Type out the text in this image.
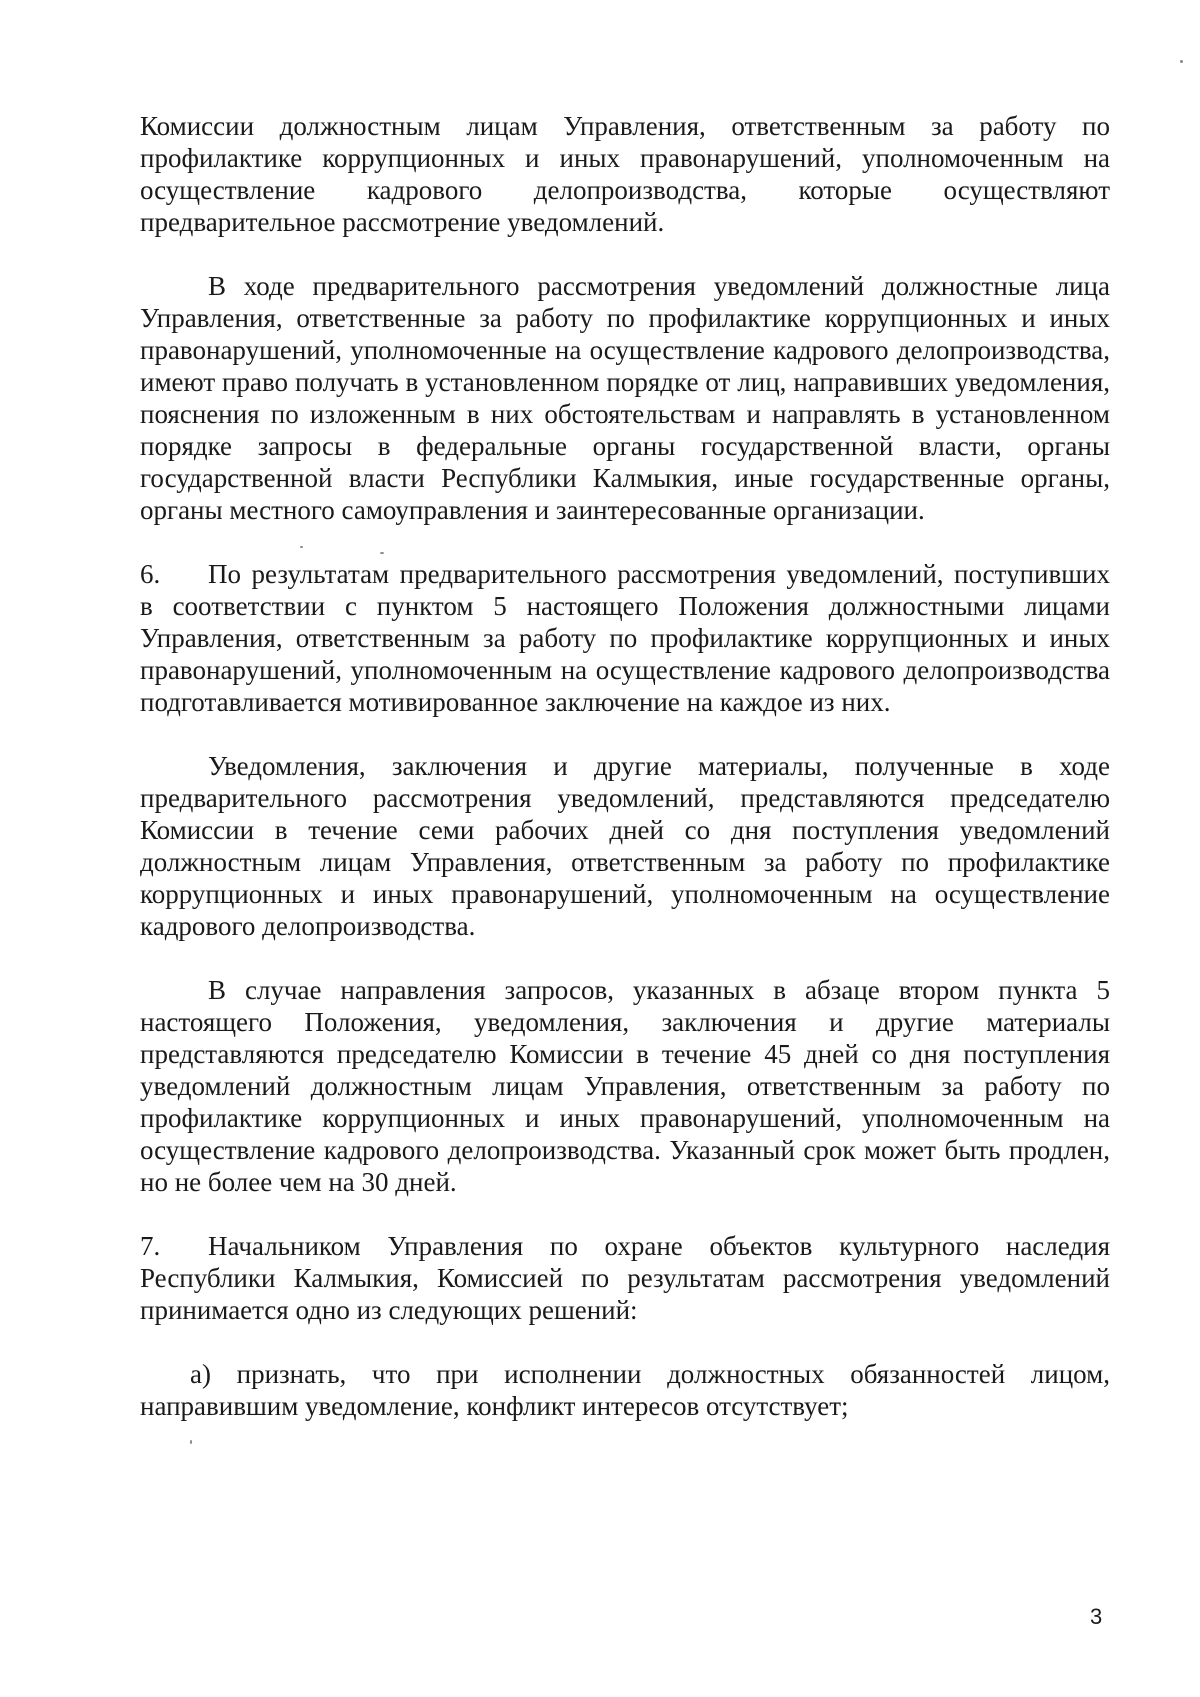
Комиссии должностным лицам Управления, ответственным за работу по профилактике коррупционных и иных правонарушений, уполномоченным на осуществление кадрового делопроизводства, которые осуществляют предварительное рассмотрение уведомлений.

В ходе предварительного рассмотрения уведомлений должностные лица Управления, ответственные за работу по профилактике коррупционных и иных правонарушений, уполномоченные на осуществление кадрового делопроизводства, имеют право получать в установленном порядке от лиц, направивших уведомления, пояснения по изложенным в них обстоятельствам и направлять в установленном порядке запросы в федеральные органы государственной власти, органы государственной власти Республики Калмыкия, иные государственные органы, органы местного самоуправления и заинтересованные организации.

6. По результатам предварительного рассмотрения уведомлений, поступивших в соответствии с пунктом 5 настоящего Положения должностными лицами Управления, ответственным за работу по профилактике коррупционных и иных правонарушений, уполномоченным на осуществление кадрового делопроизводства подготавливается мотивированное заключение на каждое из них.

Уведомления, заключения и другие материалы, полученные в ходе предварительного рассмотрения уведомлений, представляются председателю Комиссии в течение семи рабочих дней со дня поступления уведомлений должностным лицам Управления, ответственным за работу по профилактике коррупционных и иных правонарушений, уполномоченным на осуществление кадрового делопроизводства.

В случае направления запросов, указанных в абзаце втором пункта 5 настоящего Положения, уведомления, заключения и другие материалы представляются председателю Комиссии в течение 45 дней со дня поступления уведомлений должностным лицам Управления, ответственным за работу по профилактике коррупционных и иных правонарушений, уполномоченным на осуществление кадрового делопроизводства. Указанный срок может быть продлен, но не более чем на 30 дней.

7. Начальником Управления по охране объектов культурного наследия Республики Калмыкия, Комиссией по результатам рассмотрения уведомлений принимается одно из следующих решений:

а) признать, что при исполнении должностных обязанностей лицом, направившим уведомление, конфликт интересов отсутствует;

3
